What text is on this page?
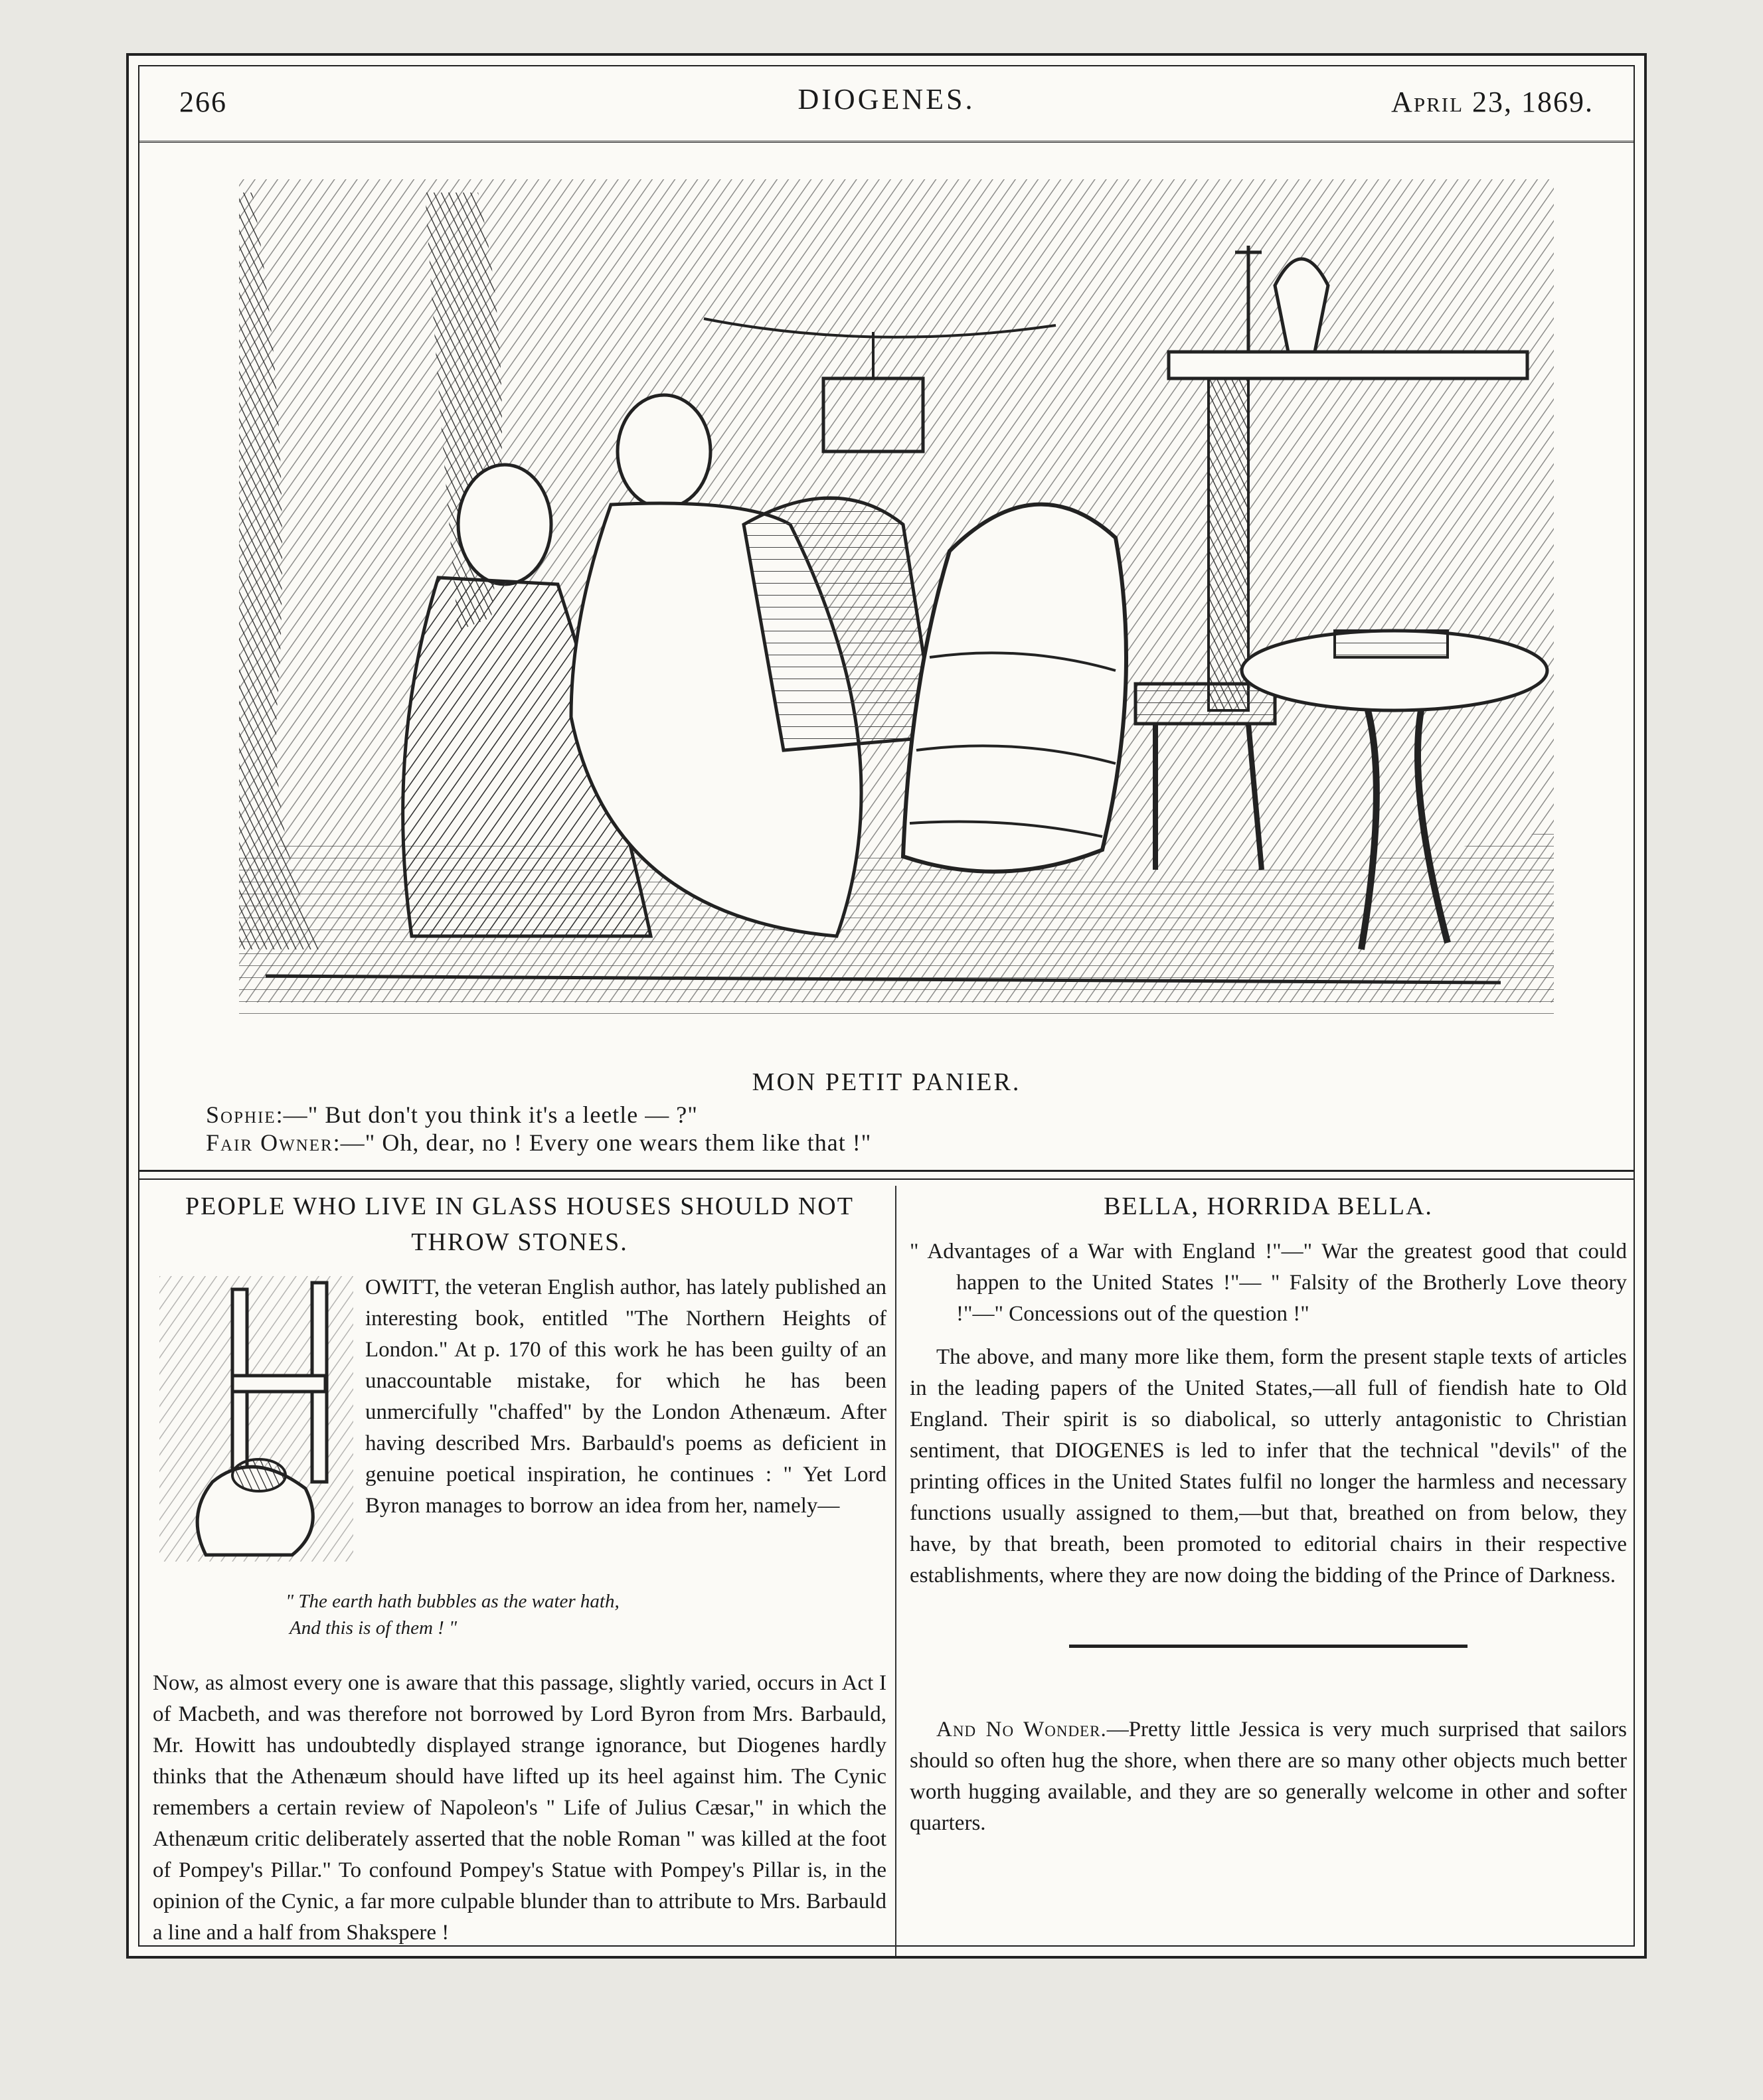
266	DIOGENES.	April 23, 1869.
MON PETIT PANIER.
Sophie:—" But don't you think it's a leetle — ?"
Fair Owner:—" Oh, dear, no ! Every one wears them like that !"
PEOPLE WHO LIVE IN GLASS HOUSES SHOULD NOT THROW STONES.

OWITT, the veteran English author, has lately published an interesting book, entitled "The Northern Heights of London." At p. 170 of this work he has been guilty of an unaccountable mistake, for which he has been unmercifully "chaffed" by the London Athenæum. After having described Mrs. Barbauld's poems as deficient in genuine poetical inspiration, he continues : " Yet Lord Byron manages to borrow an idea from her, namely—

" The earth hath bubbles as the water hath,
And this is of them ! "

Now, as almost every one is aware that this passage, slightly varied, occurs in Act I of Macbeth, and was therefore not borrowed by Lord Byron from Mrs. Barbauld, Mr. Howitt has undoubtedly displayed strange ignorance, but Diogenes hardly thinks that the Athenæum should have lifted up its heel against him. The Cynic remembers a certain review of Napoleon's " Life of Julius Cæsar," in which the Athenæum critic deliberately asserted that the noble Roman " was killed at the foot of Pompey's Pillar." To confound Pompey's Statue with Pompey's Pillar is, in the opinion of the Cynic, a far more culpable blunder than to attribute to Mrs. Barbauld a line and a half from Shakspere !

BELLA, HORRIDA BELLA.

" Advantages of a War with England !"—" War the greatest good that could happen to the United States !"— " Falsity of the Brotherly Love theory !"—" Concessions out of the question !"

The above, and many more like them, form the present staple texts of articles in the leading papers of the United States,—all full of fiendish hate to Old England. Their spirit is so diabolical, so utterly antagonistic to Christian sentiment, that DIOGENES is led to infer that the technical "devils" of the printing offices in the United States fulfil no longer the harmless and necessary functions usually assigned to them,—but that, breathed on from below, they have, by that breath, been promoted to editorial chairs in their respective establishments, where they are now doing the bidding of the Prince of Darkness.

And No Wonder.—Pretty little Jessica is very much surprised that sailors should so often hug the shore, when there are so many other objects much better worth hugging available, and they are so generally welcome in other and softer quarters.
